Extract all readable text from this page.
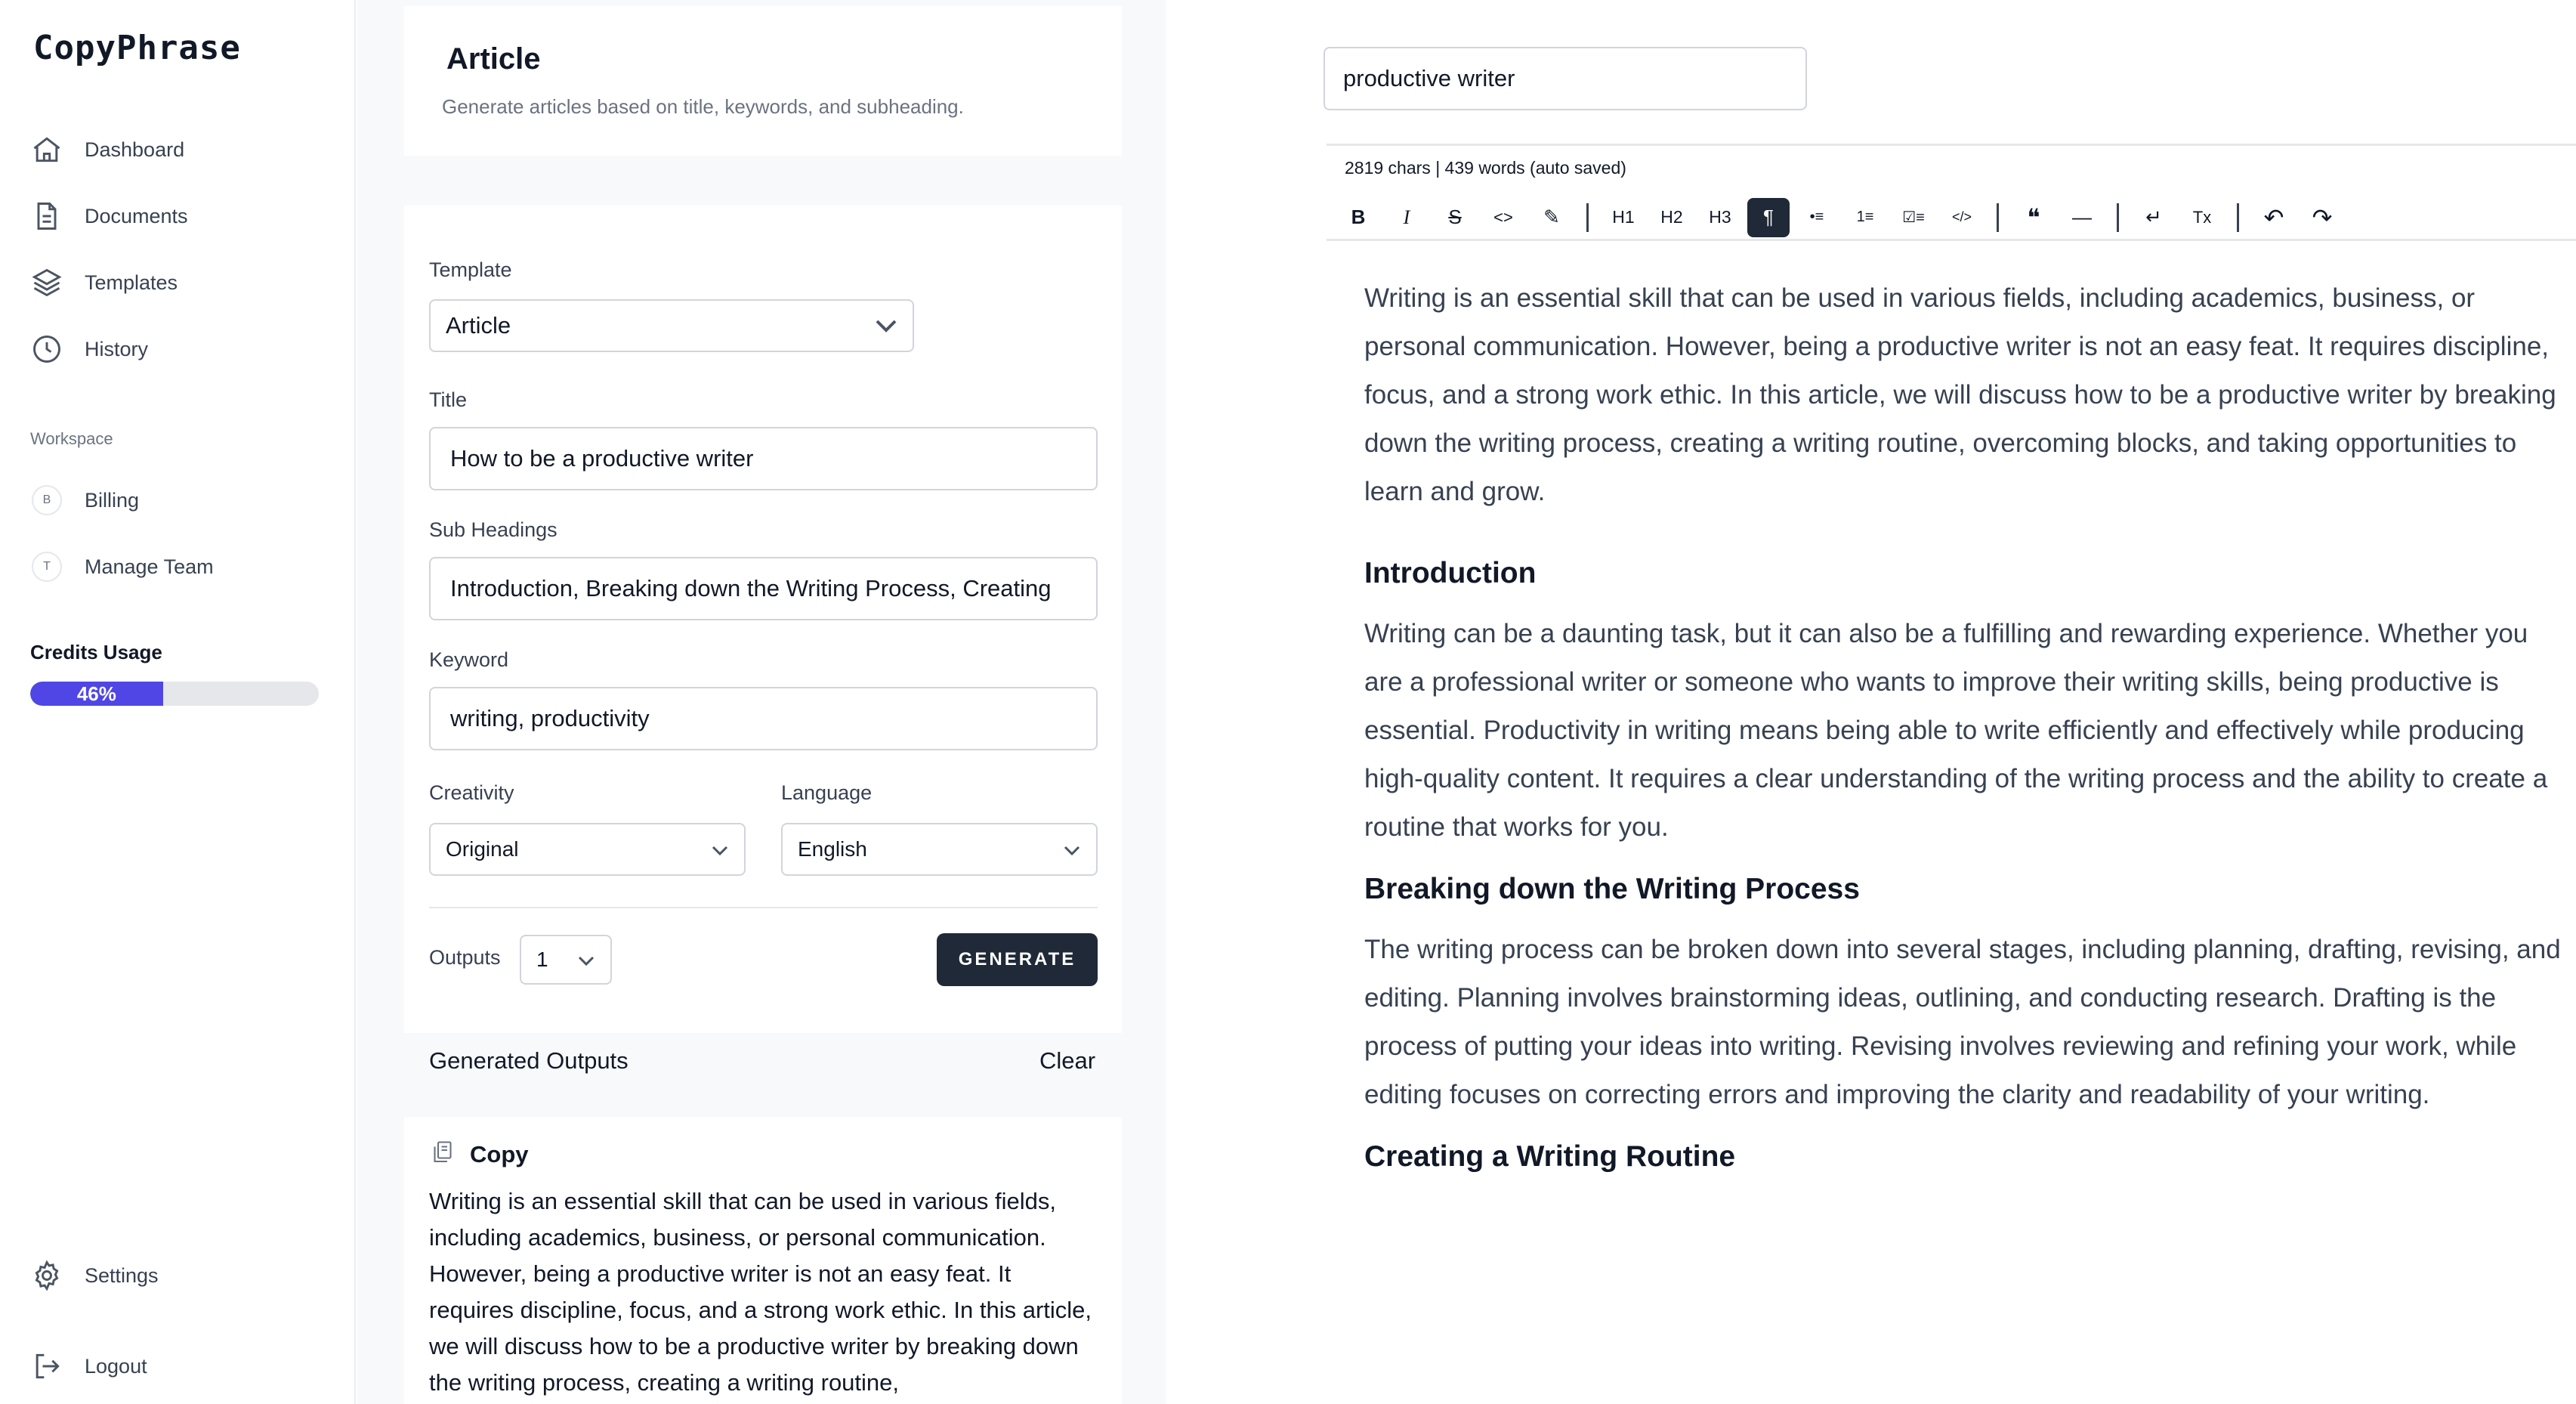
CopyPhrase
Dashboard
Documents
Templates
History
Workspace
B	Billing
T	Manage Team
Credits Usage
46%
Settings
Logout
Article
Generate articles based on title, keywords, and subheading.
Template
Article
Title
How to be a productive writer
Sub Headings
Introduction, Breaking down the Writing Process, Creating
Keyword
writing, productivity
Creativity
Original
Language
English
Outputs 1	GENERATE
Generated Outputs	Clear
Copy
Writing is an essential skill that can be used in various fields, including academics, business, or personal communication. However, being a productive writer is not an easy feat. It requires discipline, focus, and a strong work ethic. In this article, we will discuss how to be a productive writer by breaking down the writing process, creating a writing routine,
productive writer
2819 chars | 439 words (auto saved)
B	I	S	<>	✎	H1	H2	H3	¶	•≡	1≡	☑≡	</>	❝	—	↵	Tx	↶	↷

Writing is an essential skill that can be used in various fields, including academics, business, or personal communication. However, being a productive writer is not an easy feat. It requires discipline, focus, and a strong work ethic. In this article, we will discuss how to be a productive writer by breaking down the writing process, creating a writing routine, overcoming blocks, and taking opportunities to learn and grow.

Introduction

Writing can be a daunting task, but it can also be a fulfilling and rewarding experience. Whether you are a professional writer or someone who wants to improve their writing skills, being productive is essential. Productivity in writing means being able to write efficiently and effectively while producing high-quality content. It requires a clear understanding of the writing process and the ability to create a routine that works for you.

Breaking down the Writing Process

The writing process can be broken down into several stages, including planning, drafting, revising, and editing. Planning involves brainstorming ideas, outlining, and conducting research. Drafting is the process of putting your ideas into writing. Revising involves reviewing and refining your work, while editing focuses on correcting errors and improving the clarity and readability of your writing.

Creating a Writing Routine
